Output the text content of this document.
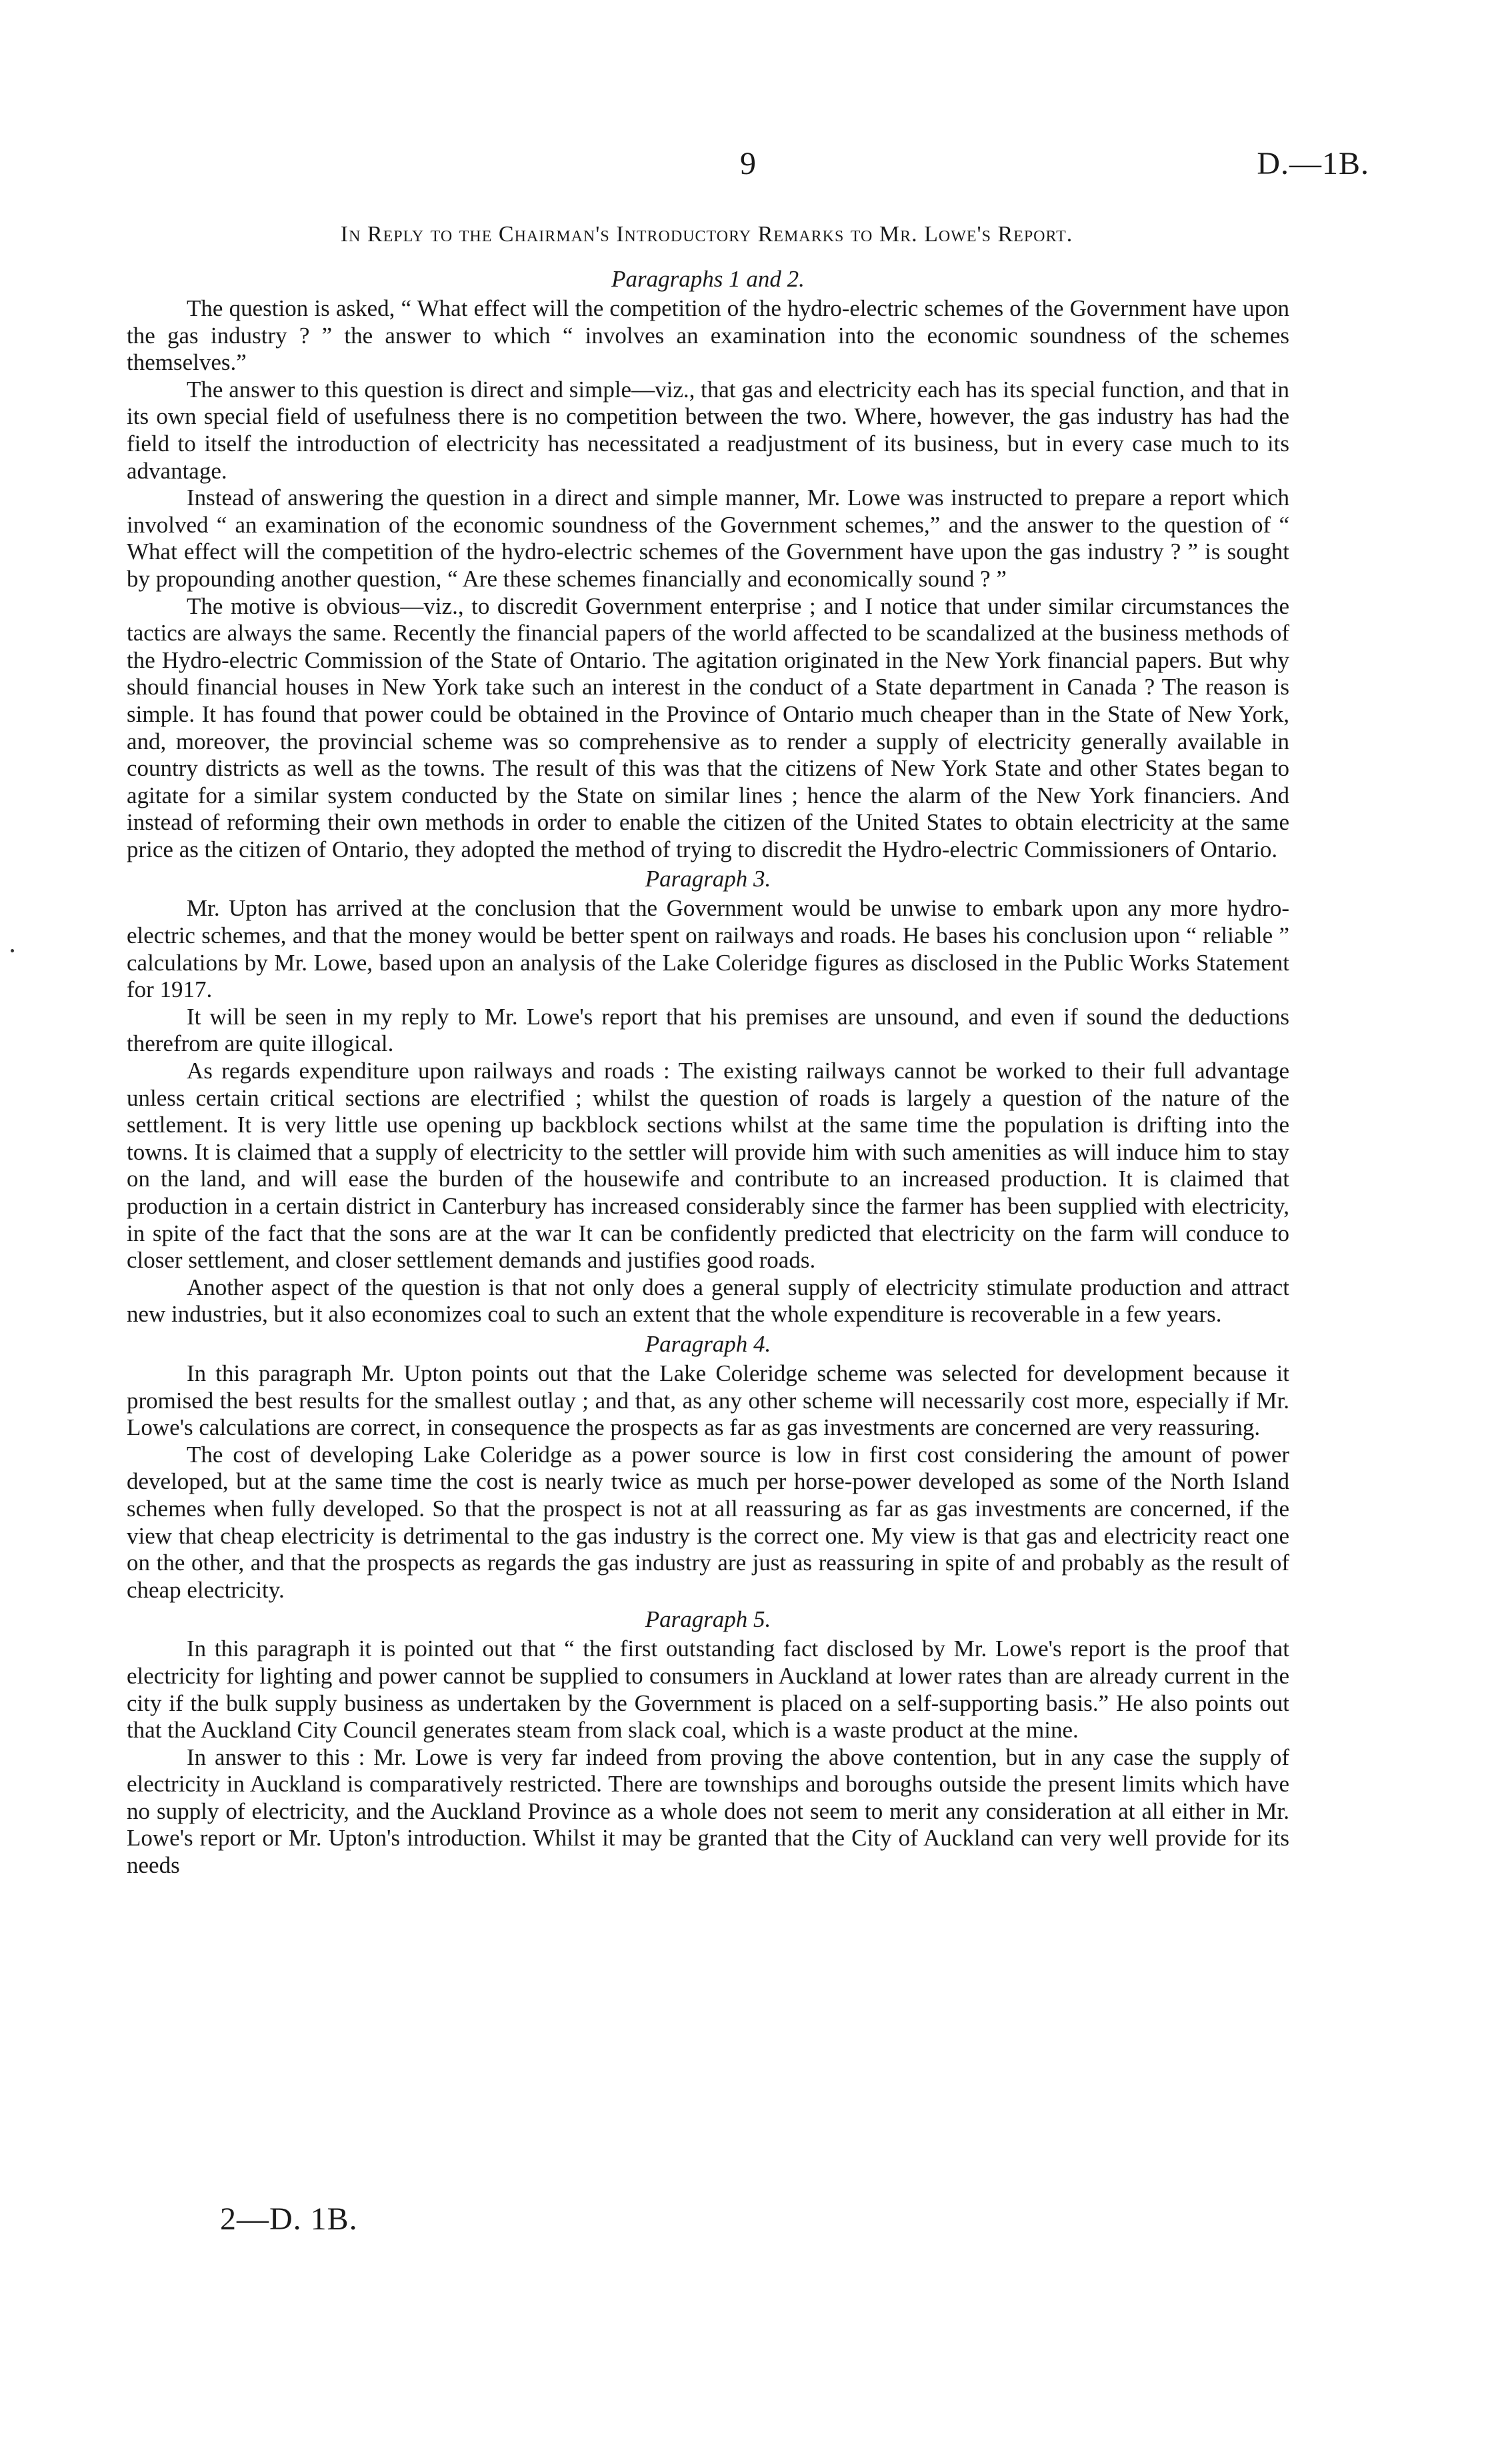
9	D.—1B.
In Reply to the Chairman's Introductory Remarks to Mr. Lowe's Report.
Paragraphs 1 and 2.

The question is asked, “ What effect will the competition of the hydro-electric schemes of the Government have upon the gas industry ? ” the answer to which “ involves an examination into the economic soundness of the schemes themselves.”

The answer to this question is direct and simple—viz., that gas and electricity each has its special function, and that in its own special field of usefulness there is no competition between the two. Where, however, the gas industry has had the field to itself the introduction of electricity has necessitated a readjustment of its business, but in every case much to its advantage.

Instead of answering the question in a direct and simple manner, Mr. Lowe was instructed to prepare a report which involved “ an examination of the economic soundness of the Government schemes,” and the answer to the question of “ What effect will the competition of the hydro-electric schemes of the Government have upon the gas industry ? ” is sought by propounding another question, “ Are these schemes financially and economically sound ? ”

The motive is obvious—viz., to discredit Government enterprise ; and I notice that under similar circumstances the tactics are always the same. Recently the financial papers of the world affected to be scandalized at the business methods of the Hydro-electric Commission of the State of Ontario. The agitation originated in the New York financial papers. But why should financial houses in New York take such an interest in the conduct of a State department in Canada ? The reason is simple. It has found that power could be obtained in the Province of Ontario much cheaper than in the State of New York, and, moreover, the provincial scheme was so comprehensive as to render a supply of electricity generally available in country districts as well as the towns. The result of this was that the citizens of New York State and other States began to agitate for a similar system conducted by the State on similar lines ; hence the alarm of the New York financiers. And instead of reforming their own methods in order to enable the citizen of the United States to obtain electricity at the same price as the citizen of Ontario, they adopted the method of trying to discredit the Hydro-electric Commissioners of Ontario.

Paragraph 3.

Mr. Upton has arrived at the conclusion that the Government would be unwise to embark upon any more hydro-electric schemes, and that the money would be better spent on railways and roads. He bases his conclusion upon “ reliable ” calculations by Mr. Lowe, based upon an analysis of the Lake Coleridge figures as disclosed in the Public Works Statement for 1917.

It will be seen in my reply to Mr. Lowe's report that his premises are unsound, and even if sound the deductions therefrom are quite illogical.

As regards expenditure upon railways and roads : The existing railways cannot be worked to their full advantage unless certain critical sections are electrified ; whilst the question of roads is largely a question of the nature of the settlement. It is very little use opening up backblock sections whilst at the same time the population is drifting into the towns. It is claimed that a supply of electricity to the settler will provide him with such amenities as will induce him to stay on the land, and will ease the burden of the housewife and contribute to an increased production. It is claimed that production in a certain district in Canterbury has increased considerably since the farmer has been supplied with electricity, in spite of the fact that the sons are at the war It can be confidently predicted that electricity on the farm will conduce to closer settlement, and closer settlement demands and justifies good roads.

Another aspect of the question is that not only does a general supply of electricity stimulate production and attract new industries, but it also economizes coal to such an extent that the whole expenditure is recoverable in a few years.

Paragraph 4.

In this paragraph Mr. Upton points out that the Lake Coleridge scheme was selected for development because it promised the best results for the smallest outlay ; and that, as any other scheme will necessarily cost more, especially if Mr. Lowe's calculations are correct, in consequence the prospects as far as gas investments are concerned are very reassuring.

The cost of developing Lake Coleridge as a power source is low in first cost considering the amount of power developed, but at the same time the cost is nearly twice as much per horse-power developed as some of the North Island schemes when fully developed. So that the prospect is not at all reassuring as far as gas investments are concerned, if the view that cheap electricity is detrimental to the gas industry is the correct one. My view is that gas and electricity react one on the other, and that the prospects as regards the gas industry are just as reassuring in spite of and probably as the result of cheap electricity.

Paragraph 5.

In this paragraph it is pointed out that “ the first outstanding fact disclosed by Mr. Lowe's report is the proof that electricity for lighting and power cannot be supplied to consumers in Auckland at lower rates than are already current in the city if the bulk supply business as undertaken by the Government is placed on a self-supporting basis.” He also points out that the Auckland City Council generates steam from slack coal, which is a waste product at the mine.

In answer to this : Mr. Lowe is very far indeed from proving the above contention, but in any case the supply of electricity in Auckland is comparatively restricted. There are townships and boroughs outside the present limits which have no supply of electricity, and the Auckland Province as a whole does not seem to merit any consideration at all either in Mr. Lowe's report or Mr. Upton's introduction. Whilst it may be granted that the City of Auckland can very well provide for its needs

2—D. 1B.
